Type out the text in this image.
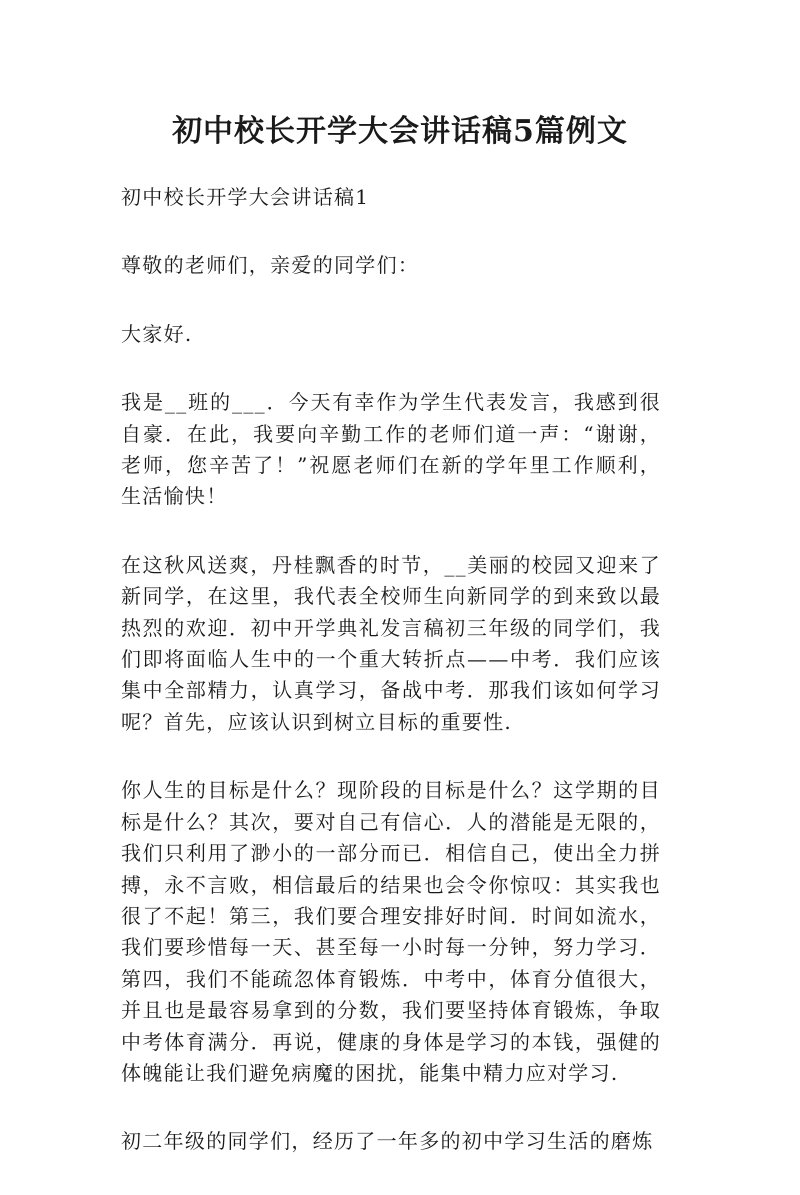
初中校长开学大会讲话稿5篇例文

初中校长开学大会讲话稿1

尊敬的老师们，亲爱的同学们：

大家好.

我是__班的___．今天有幸作为学生代表发言，我感到很自豪．在此，我要向辛勤工作的老师们道一声：“谢谢，老师，您辛苦了！”祝愿老师们在新的学年里工作顺利，生活愉快！

在这秋风送爽，丹桂飘香的时节，__美丽的校园又迎来了新同学，在这里，我代表全校师生向新同学的到来致以最热烈的欢迎．初中开学典礼发言稿初三年级的同学们，我们即将面临人生中的一个重大转折点——中考．我们应该集中全部精力，认真学习，备战中考．那我们该如何学习呢？首先，应该认识到树立目标的重要性.

你人生的目标是什么？现阶段的目标是什么？这学期的目标是什么？其次，要对自己有信心．人的潜能是无限的，我们只利用了渺小的一部分而已．相信自己，使出全力拼搏，永不言败，相信最后的结果也会令你惊叹：其实我也很了不起！第三，我们要合理安排好时间．时间如流水，我们要珍惜每一天、甚至每一小时每一分钟，努力学习．第四，我们不能疏忽体育锻炼．中考中，体育分值很大，并且也是最容易拿到的分数，我们要坚持体育锻炼，争取中考体育满分．再说，健康的身体是学习的本钱，强健的体魄能让我们避免病魔的困扰，能集中精力应对学习.

初二年级的同学们，经历了一年多的初中学习生活的磨炼
